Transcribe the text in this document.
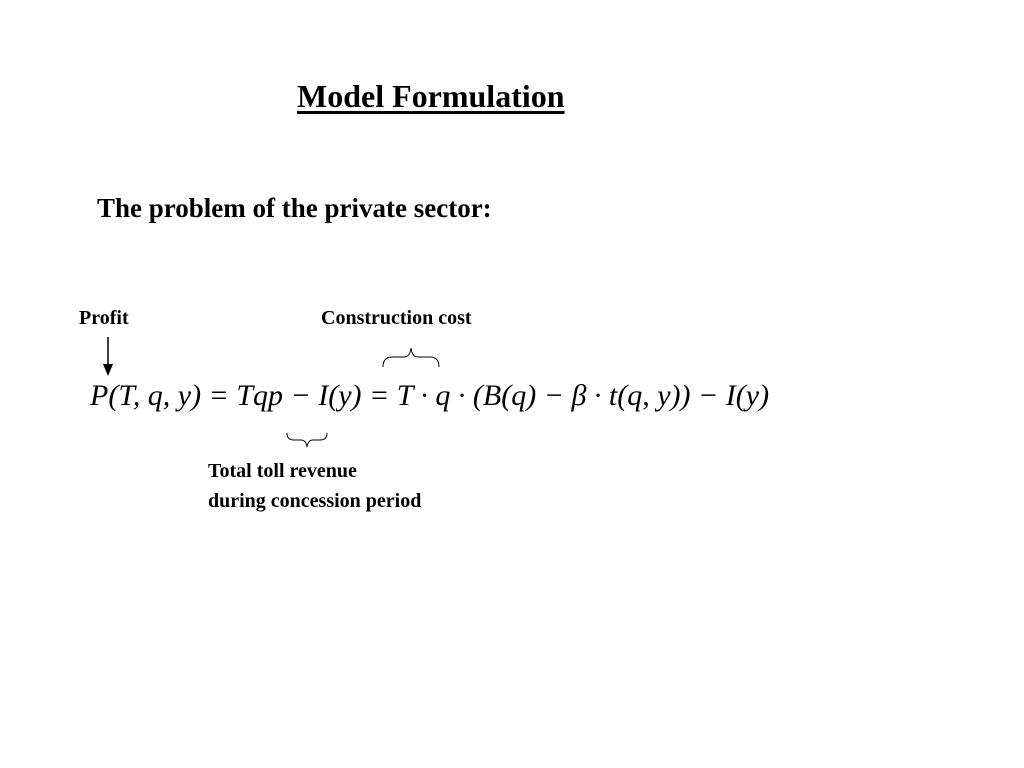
Model Formulation
The problem of the private sector:
Profit	Construction cost
P(T, q, y) = Tqp − I(y) = T · q · (B(q) − β · t(q, y)) − I(y)
Total toll revenue
during concession period
